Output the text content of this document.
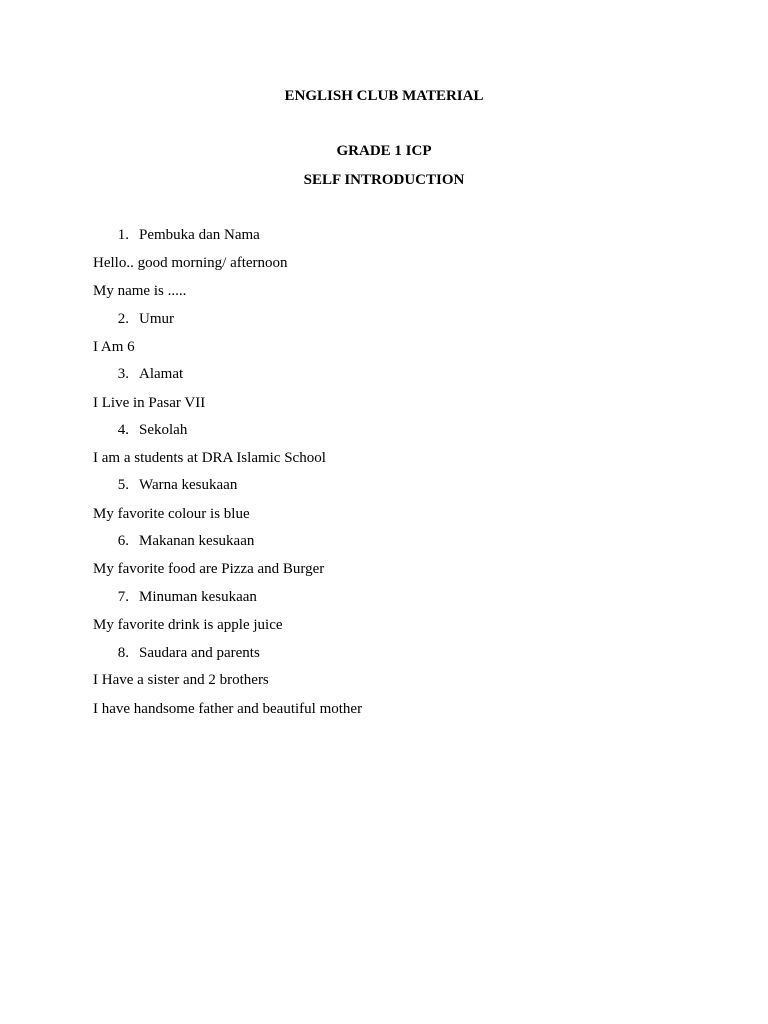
ENGLISH CLUB MATERIAL
GRADE 1 ICP
SELF INTRODUCTION
1. Pembuka dan Nama
Hello.. good morning/ afternoon
My name is .....
2. Umur
I Am 6
3. Alamat
I Live in Pasar VII
4. Sekolah
I am a students at DRA Islamic School
5. Warna kesukaan
My favorite colour is blue
6. Makanan kesukaan
My favorite food are Pizza and Burger
7. Minuman kesukaan
My favorite drink is apple juice
8. Saudara and parents
I Have a sister and 2 brothers
I have handsome father and beautiful mother
